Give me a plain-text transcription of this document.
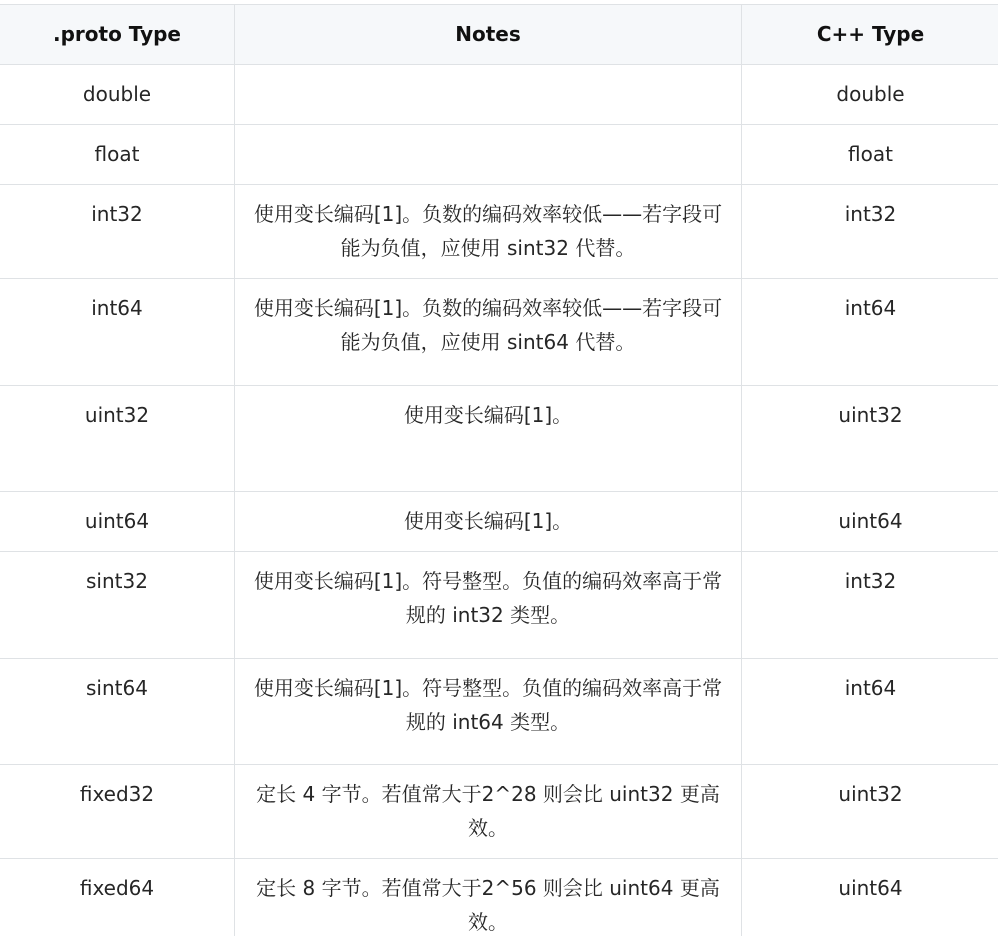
.proto Type	Notes	C++ Type
double		double
float		float
int32	使用变长编码[1]。负数的编码效率较低——若字段可能为负值，应使用 sint32 代替。	int32
int64	使用变长编码[1]。负数的编码效率较低——若字段可能为负值，应使用 sint64 代替。	int64
uint32	使用变长编码[1]。	uint32
uint64	使用变长编码[1]。	uint64
sint32	使用变长编码[1]。符号整型。负值的编码效率高于常规的 int32 类型。	int32
sint64	使用变长编码[1]。符号整型。负值的编码效率高于常规的 int64 类型。	int64
fixed32	定长 4 字节。若值常大于2^28 则会比 uint32 更高效。	uint32
fixed64	定长 8 字节。若值常大于2^56 则会比 uint64 更高效。	uint64
